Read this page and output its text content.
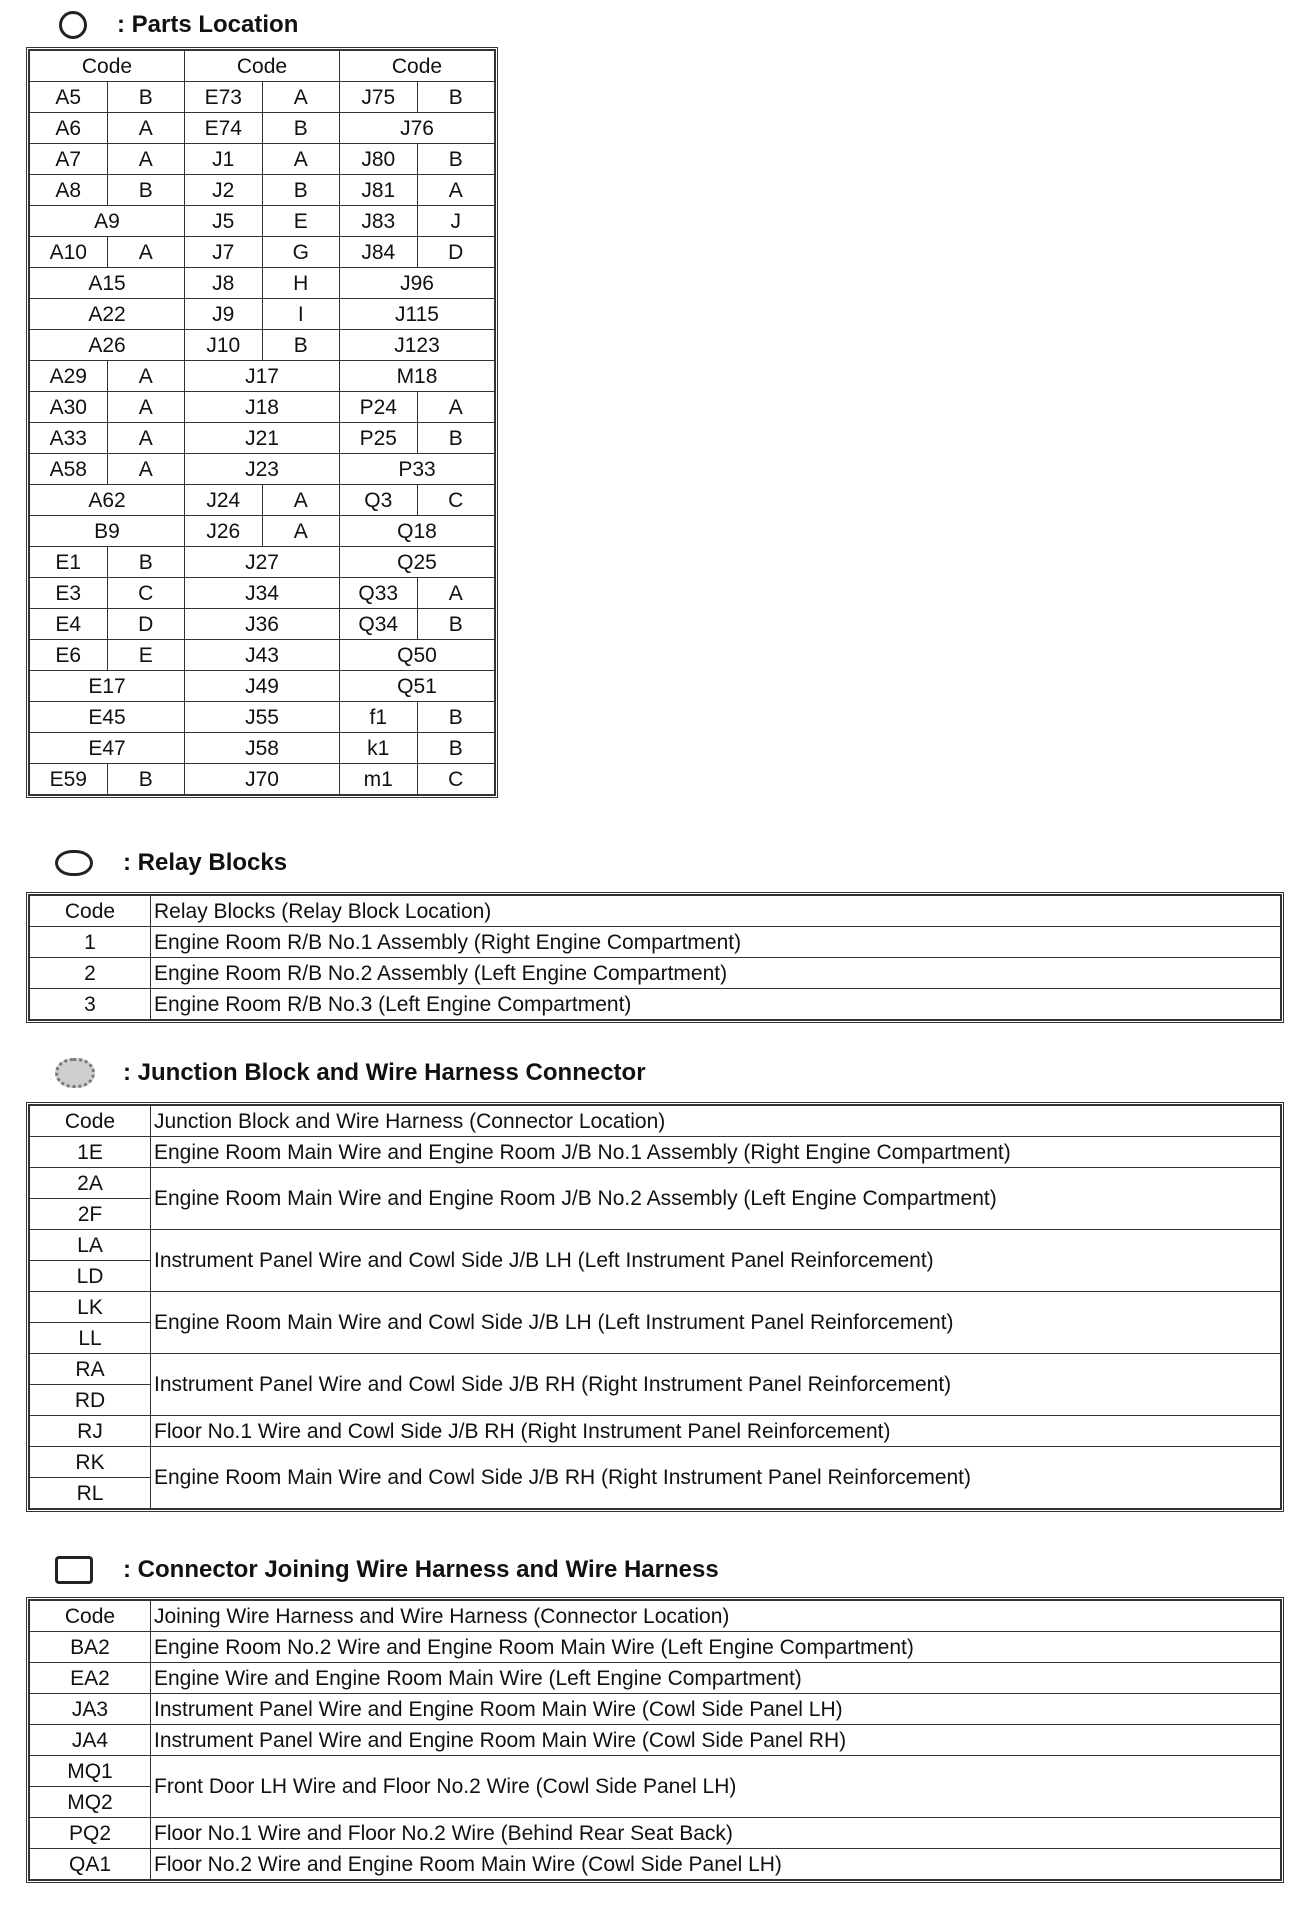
: Parts Location
Code		Code		Code	
A5	B	E73	A	J75	B
A6	A	E74	B	J76	
A7	A	J1	A	J80	B
A8	B	J2	B	J81	A
A9		J5	E	J83	J
A10	A	J7	G	J84	D
A15		J8	H	J96	
A22		J9	I	J115	
A26		J10	B	J123	
A29	A	J17		M18	
A30	A	J18		P24	A
A33	A	J21		P25	B
A58	A	J23		P33	
A62		J24	A	Q3	C
B9		J26	A	Q18	
E1	B	J27		Q25	
E3	C	J34		Q33	A
E4	D	J36		Q34	B
E6	E	J43		Q50	
E17		J49		Q51	
E45		J55		f1	B
E47		J58		k1	B
E59	B	J70		m1	C
: Relay Blocks
Code	Relay Blocks (Relay Block Location)
1	Engine Room R/B No.1 Assembly (Right Engine Compartment)
2	Engine Room R/B No.2 Assembly (Left Engine Compartment)
3	Engine Room R/B No.3 (Left Engine Compartment)
: Junction Block and Wire Harness Connector
Code	Junction Block and Wire Harness (Connector Location)
1E	Engine Room Main Wire and Engine Room J/B No.1 Assembly (Right Engine Compartment)
2A	Engine Room Main Wire and Engine Room J/B No.2 Assembly (Left Engine Compartment)
2F	
LA	Instrument Panel Wire and Cowl Side J/B LH (Left Instrument Panel Reinforcement)
LD	
LK	Engine Room Main Wire and Cowl Side J/B LH (Left Instrument Panel Reinforcement)
LL	
RA	Instrument Panel Wire and Cowl Side J/B RH (Right Instrument Panel Reinforcement)
RD	
RJ	Floor No.1 Wire and Cowl Side J/B RH (Right Instrument Panel Reinforcement)
RK	Engine Room Main Wire and Cowl Side J/B RH (Right Instrument Panel Reinforcement)
RL	
: Connector Joining Wire Harness and Wire Harness
Code	Joining Wire Harness and Wire Harness (Connector Location)
BA2	Engine Room No.2 Wire and Engine Room Main Wire (Left Engine Compartment)
EA2	Engine Wire and Engine Room Main Wire (Left Engine Compartment)
JA3	Instrument Panel Wire and Engine Room Main Wire (Cowl Side Panel LH)
JA4	Instrument Panel Wire and Engine Room Main Wire (Cowl Side Panel RH)
MQ1	Front Door LH Wire and Floor No.2 Wire (Cowl Side Panel LH)
MQ2	
PQ2	Floor No.1 Wire and Floor No.2 Wire (Behind Rear Seat Back)
QA1	Floor No.2 Wire and Engine Room Main Wire (Cowl Side Panel LH)
